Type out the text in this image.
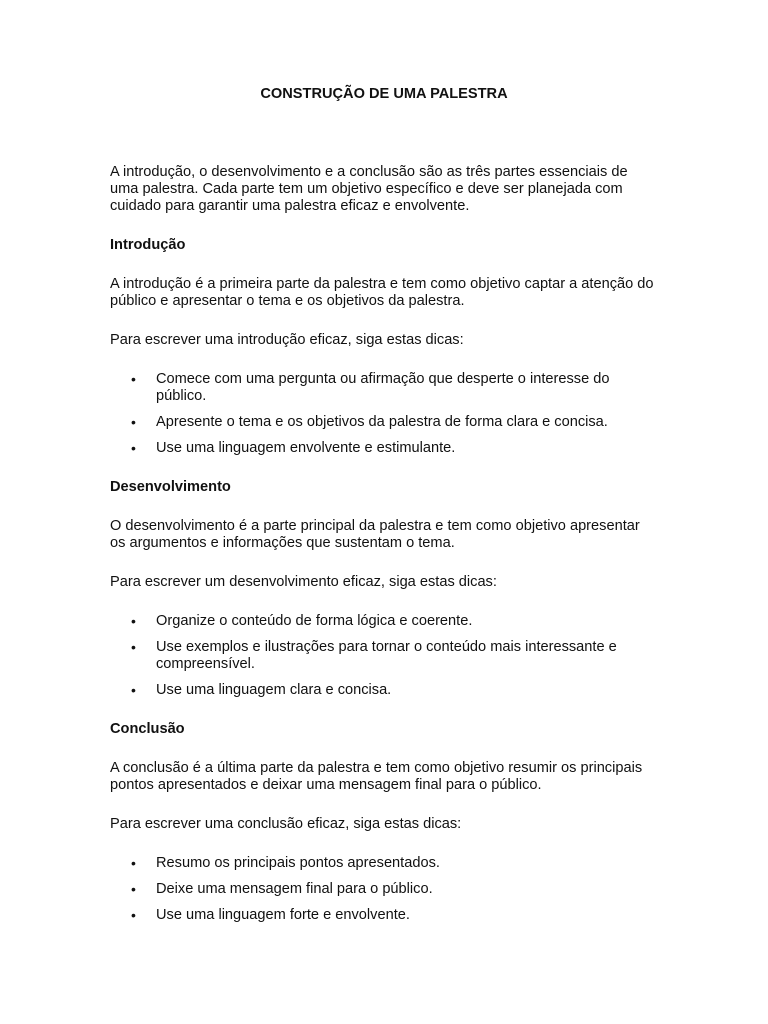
CONSTRUÇÃO DE UMA PALESTRA

A introdução, o desenvolvimento e a conclusão são as três partes essenciais de uma palestra. Cada parte tem um objetivo específico e deve ser planejada com cuidado para garantir uma palestra eficaz e envolvente.

Introdução

A introdução é a primeira parte da palestra e tem como objetivo captar a atenção do público e apresentar o tema e os objetivos da palestra.

Para escrever uma introdução eficaz, siga estas dicas:

• Comece com uma pergunta ou afirmação que desperte o interesse do público.
• Apresente o tema e os objetivos da palestra de forma clara e concisa.
• Use uma linguagem envolvente e estimulante.
Desenvolvimento

O desenvolvimento é a parte principal da palestra e tem como objetivo apresentar os argumentos e informações que sustentam o tema.

Para escrever um desenvolvimento eficaz, siga estas dicas:

• Organize o conteúdo de forma lógica e coerente.
• Use exemplos e ilustrações para tornar o conteúdo mais interessante e compreensível.
• Use uma linguagem clara e concisa.
Conclusão

A conclusão é a última parte da palestra e tem como objetivo resumir os principais pontos apresentados e deixar uma mensagem final para o público.

Para escrever uma conclusão eficaz, siga estas dicas:

• Resumo os principais pontos apresentados.
• Deixe uma mensagem final para o público.
• Use uma linguagem forte e envolvente.
